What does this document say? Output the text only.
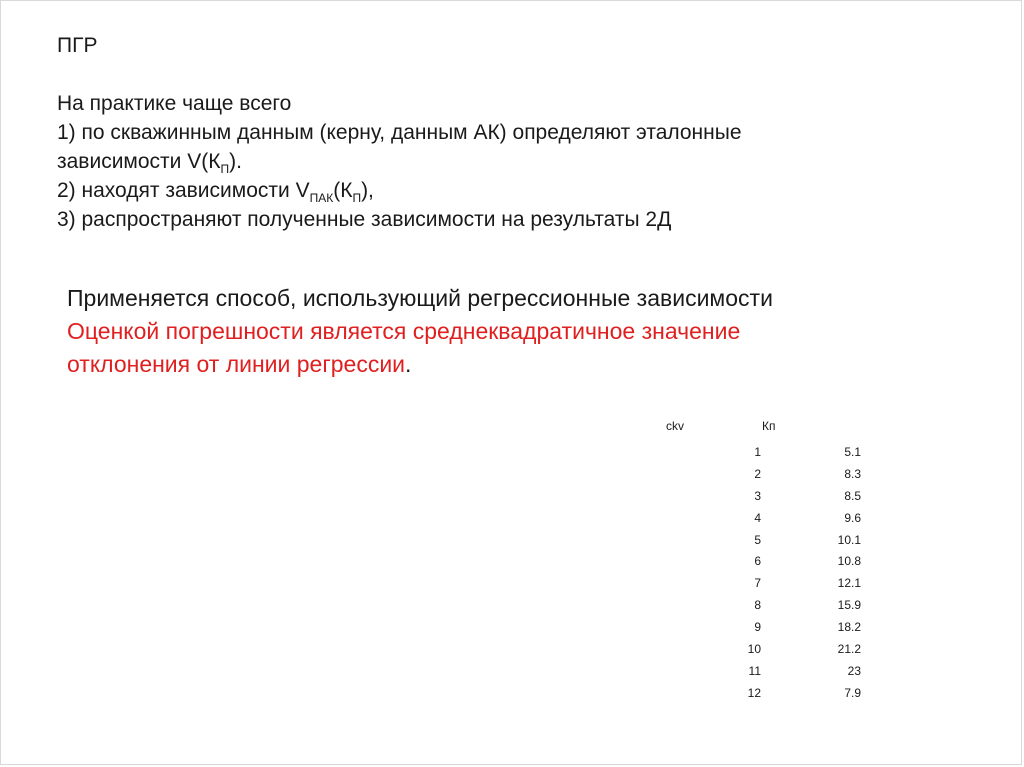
ПГР
На практике чаще всего
1) по скважинным данным (керну, данным АК) определяют эталонные
зависимости $V(К_П)$.
2) находят зависимости $V_{ПАК}(К_П)$,
3) распространяют полученные зависимости на результаты 2Д
Применяется способ, использующий регрессионные зависимости
Оценкой погрешности является среднеквадратичное значение
отклонения от линии регрессии.
ckv	Кп
1	5.1
2	8.3
3	8.5
4	9.6
5	10.1
6	10.8
7	12.1
8	15.9
9	18.2
10	21.2
11	23
12	7.9
